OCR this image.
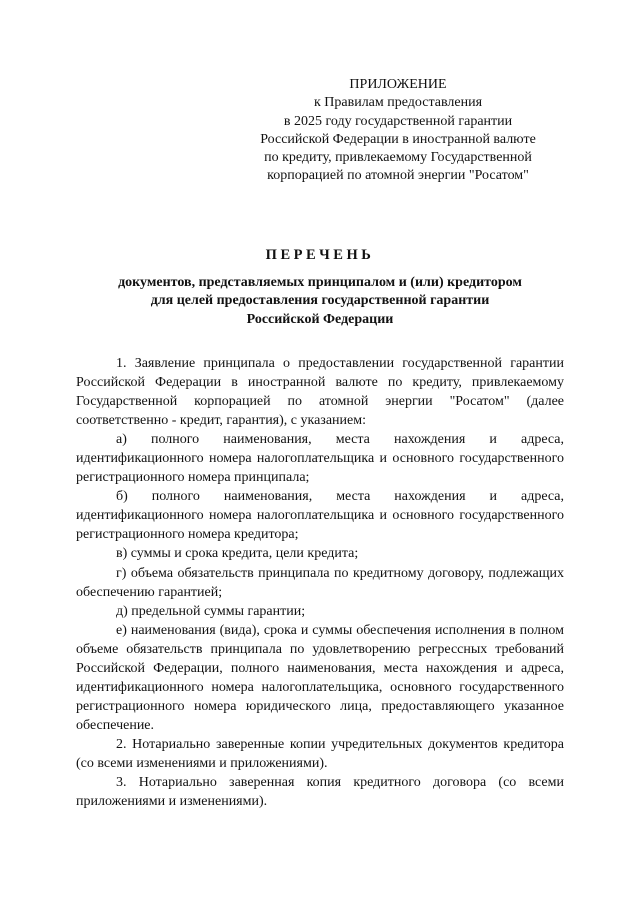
ПРИЛОЖЕНИЕ
к Правилам предоставления
в 2025 году государственной гарантии
Российской Федерации в иностранной валюте
по кредиту, привлекаемому Государственной
корпорацией по атомной энергии "Росатом"
ПЕРЕЧЕНЬ
документов, представляемых принципалом и (или) кредитором
для целей предоставления государственной гарантии
Российской Федерации

1. Заявление принципала о предоставлении государственной гарантии Российской Федерации в иностранной валюте по кредиту, привлекаемому Государственной корпорацией по атомной энергии "Росатом" (далее соответственно - кредит, гарантия), с указанием:

а) полного наименования, места нахождения и адреса, идентификационного номера налогоплательщика и основного государственного регистрационного номера принципала;

б) полного наименования, места нахождения и адреса, идентификационного номера налогоплательщика и основного государственного регистрационного номера кредитора;

в) суммы и срока кредита, цели кредита;

г) объема обязательств принципала по кредитному договору, подлежащих обеспечению гарантией;

д) предельной суммы гарантии;

е) наименования (вида), срока и суммы обеспечения исполнения в полном объеме обязательств принципала по удовлетворению регрессных требований Российской Федерации, полного наименования, места нахождения и адреса, идентификационного номера налогоплательщика, основного государственного регистрационного номера юридического лица, предоставляющего указанное обеспечение.

2. Нотариально заверенные копии учредительных документов кредитора (со всеми изменениями и приложениями).

3. Нотариально заверенная копия кредитного договора (со всеми приложениями и изменениями).
